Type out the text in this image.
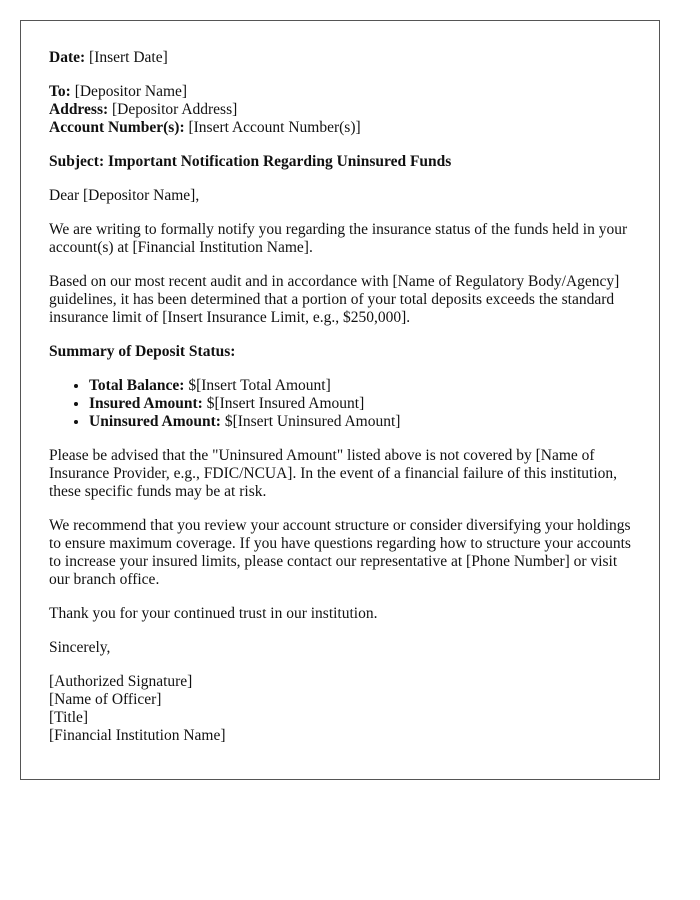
Date: [Insert Date]
To: [Depositor Name]
Address: [Depositor Address]
Account Number(s): [Insert Account Number(s)]
Subject: Important Notification Regarding Uninsured Funds
Dear [Depositor Name],
We are writing to formally notify you regarding the insurance status of the funds held in your account(s) at [Financial Institution Name].
Based on our most recent audit and in accordance with [Name of Regulatory Body/Agency] guidelines, it has been determined that a portion of your total deposits exceeds the standard insurance limit of [Insert Insurance Limit, e.g., $250,000].
Summary of Deposit Status:
• Total Balance: $[Insert Total Amount]
• Insured Amount: $[Insert Insured Amount]
• Uninsured Amount: $[Insert Uninsured Amount]
Please be advised that the "Uninsured Amount" listed above is not covered by [Name of Insurance Provider, e.g., FDIC/NCUA]. In the event of a financial failure of this institution, these specific funds may be at risk.
We recommend that you review your account structure or consider diversifying your holdings to ensure maximum coverage. If you have questions regarding how to structure your accounts to increase your insured limits, please contact our representative at [Phone Number] or visit our branch office.
Thank you for your continued trust in our institution.
Sincerely,
[Authorized Signature]
[Name of Officer]
[Title]
[Financial Institution Name]
